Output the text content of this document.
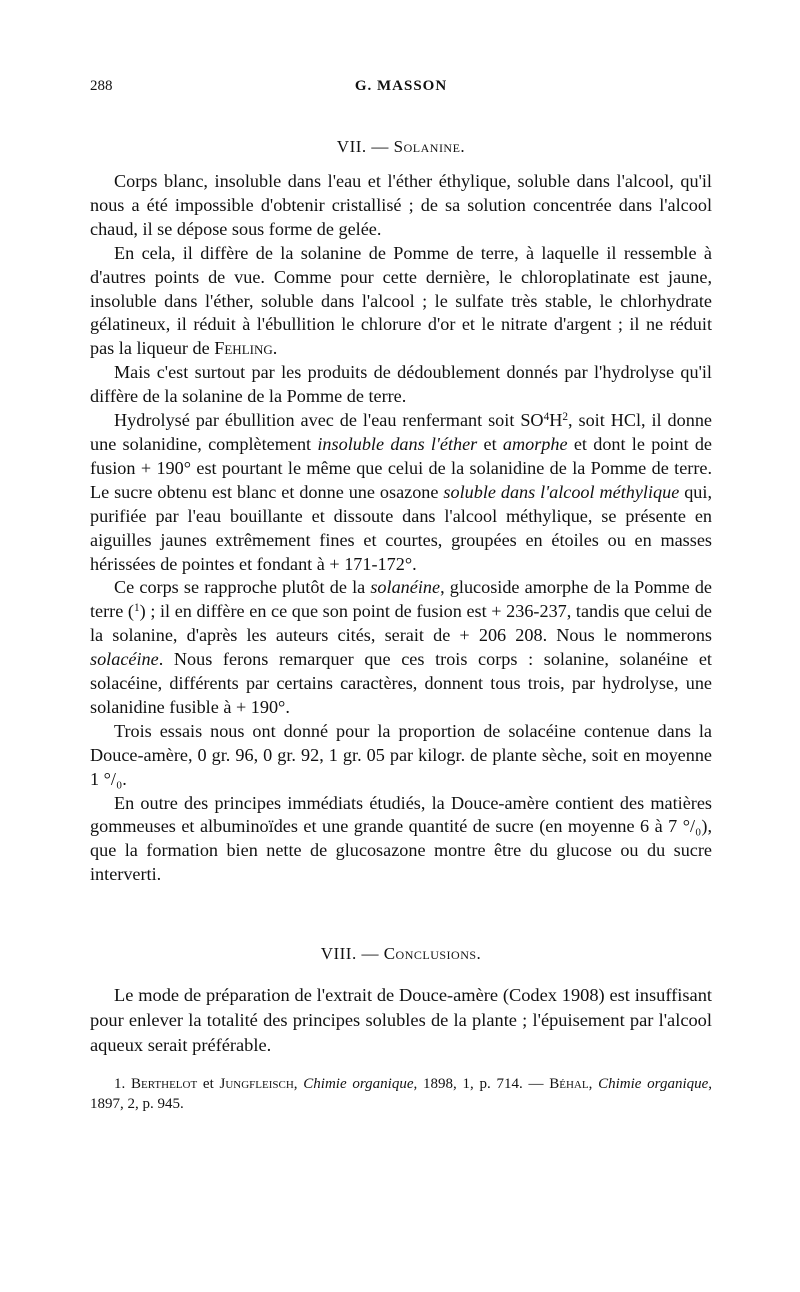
288	G. MASSON
VII. — Solanine.

Corps blanc, insoluble dans l'eau et l'éther éthylique, soluble dans l'alcool, qu'il nous a été impossible d'obtenir cristallisé ; de sa solution concentrée dans l'alcool chaud, il se dépose sous forme de gelée.

En cela, il diffère de la solanine de Pomme de terre, à laquelle il ressemble à d'autres points de vue. Comme pour cette dernière, le chloroplatinate est jaune, insoluble dans l'éther, soluble dans l'alcool ; le sulfate très stable, le chlorhydrate gélatineux, il réduit à l'ébullition le chlorure d'or et le nitrate d'argent ; il ne réduit pas la liqueur de Fehling.

Mais c'est surtout par les produits de dédoublement donnés par l'hydrolyse qu'il diffère de la solanine de la Pomme de terre.

Hydrolysé par ébullition avec de l'eau renfermant soit $SO^4H^2$, soit HCl, il donne une solanidine, complètement insoluble dans l'éther et amorphe et dont le point de fusion + 190° est pourtant le même que celui de la solanidine de la Pomme de terre. Le sucre obtenu est blanc et donne une osazone soluble dans l'alcool méthylique qui, purifiée par l'eau bouillante et dissoute dans l'alcool méthylique, se présente en aiguilles jaunes extrêmement fines et courtes, groupées en étoiles ou en masses hérissées de pointes et fondant à + 171-172°.

Ce corps se rapproche plutôt de la solanéine, glucoside amorphe de la Pomme de terre ($^1$) ; il en diffère en ce que son point de fusion est + 236-237, tandis que celui de la solanine, d'après les auteurs cités, serait de + 206 208. Nous le nommerons solacéine. Nous ferons remarquer que ces trois corps : solanine, solanéine et solacéine, différents par certains caractères, donnent tous trois, par hydrolyse, une solanidine fusible à + 190°.

Trois essais nous ont donné pour la proportion de solacéine contenue dans la Douce-amère, 0 gr. 96, 0 gr. 92, 1 gr. 05 par kilogr. de plante sèche, soit en moyenne 1 °/₀.

En outre des principes immédiats étudiés, la Douce-amère contient des matières gommeuses et albuminoïdes et une grande quantité de sucre (en moyenne 6 à 7 °/₀), que la formation bien nette de glucosazone montre être du glucose ou du sucre interverti.

VIII. — Conclusions.

Le mode de préparation de l'extrait de Douce-amère (Codex 1908) est insuffisant pour enlever la totalité des principes solubles de la plante ; l'épuisement par l'alcool aqueux serait préférable.

1. Berthelot et Jungfleisch, Chimie organique, 1898, 1, p. 714. — Béhal, Chimie organique, 1897, 2, p. 945.
